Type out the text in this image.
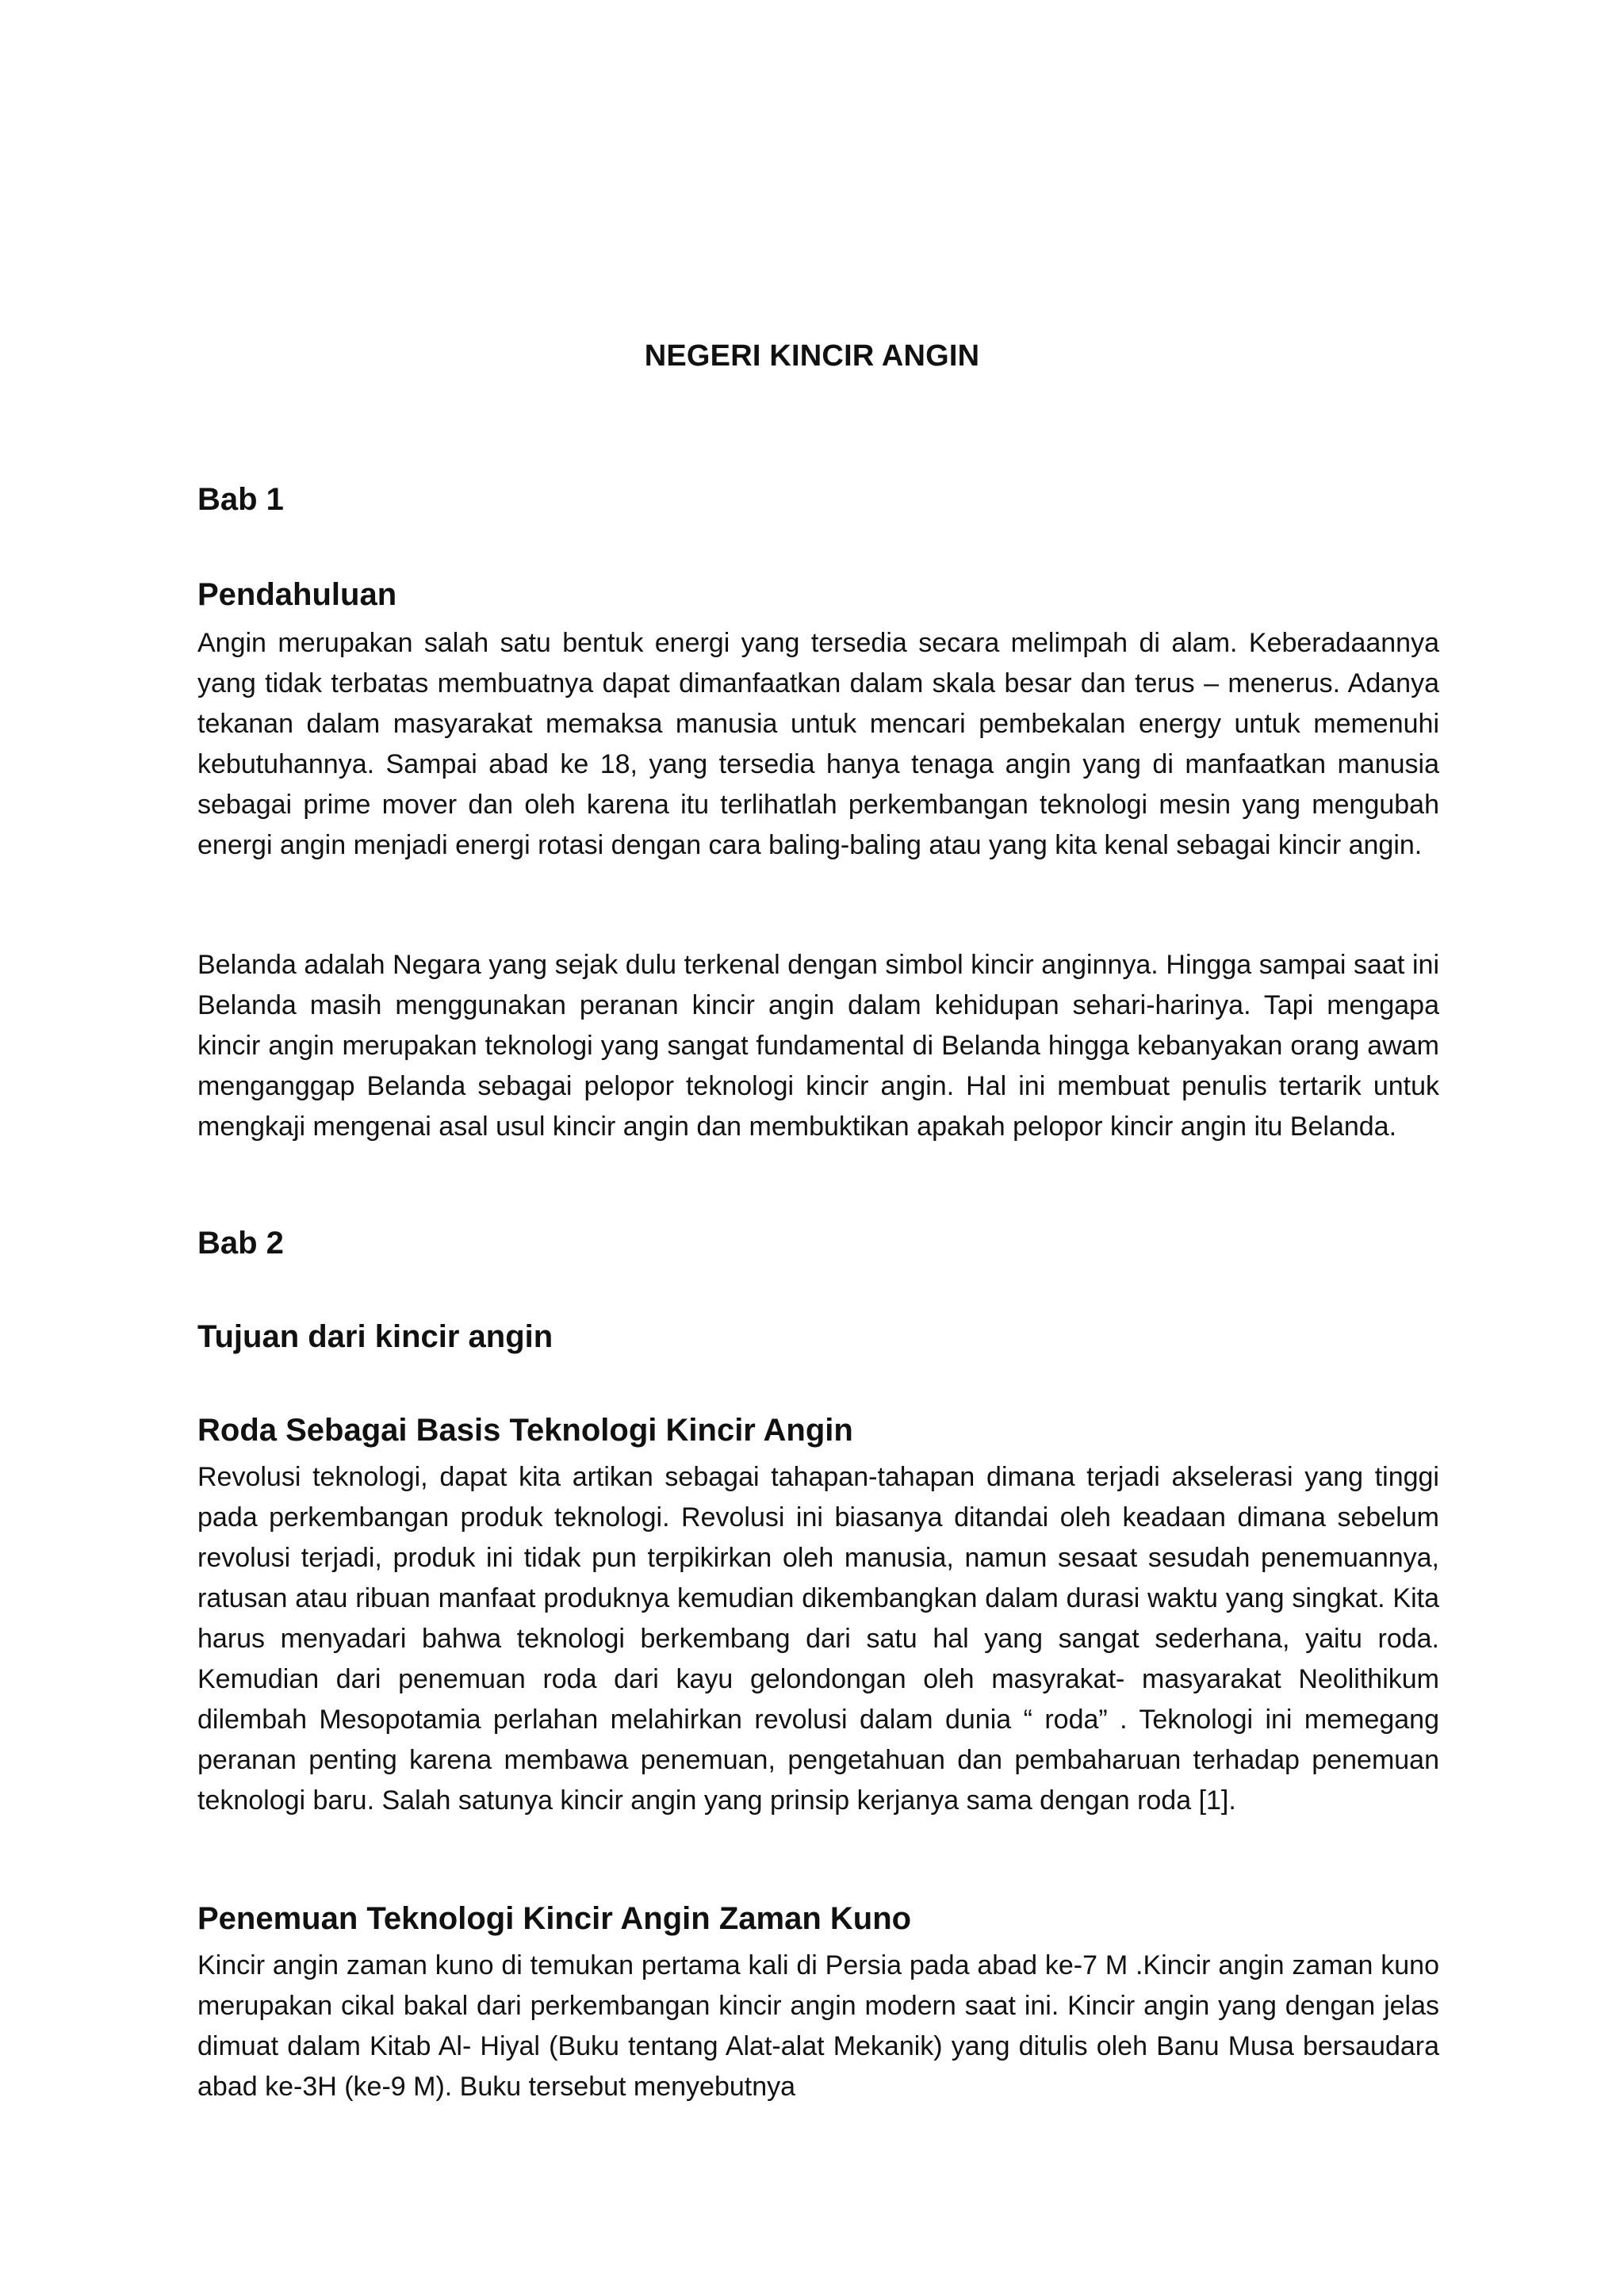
NEGERI KINCIR ANGIN
Bab 1
Pendahuluan

Angin merupakan salah satu bentuk energi yang tersedia secara melimpah di alam. Keberadaannya yang tidak terbatas membuatnya dapat dimanfaatkan dalam skala besar dan terus – menerus. Adanya tekanan dalam masyarakat memaksa manusia untuk mencari pembekalan energy untuk memenuhi kebutuhannya. Sampai abad ke 18, yang tersedia hanya tenaga angin yang di manfaatkan manusia sebagai prime mover dan oleh karena itu terlihatlah perkembangan teknologi mesin yang mengubah energi angin menjadi energi rotasi dengan cara baling-baling atau yang kita kenal sebagai kincir angin.

Belanda adalah Negara yang sejak dulu terkenal dengan simbol kincir anginnya. Hingga sampai saat ini Belanda masih menggunakan peranan kincir angin dalam kehidupan sehari-harinya. Tapi mengapa kincir angin merupakan teknologi yang sangat fundamental di Belanda hingga kebanyakan orang awam menganggap Belanda sebagai pelopor teknologi kincir angin. Hal ini membuat penulis tertarik untuk mengkaji mengenai asal usul kincir angin dan membuktikan apakah pelopor kincir angin itu Belanda.

Bab 2
Tujuan dari kincir angin
Roda Sebagai Basis Teknologi Kincir Angin

Revolusi teknologi, dapat kita artikan sebagai tahapan-tahapan dimana terjadi akselerasi yang tinggi pada perkembangan produk teknologi. Revolusi ini biasanya ditandai oleh keadaan dimana sebelum revolusi terjadi, produk ini tidak pun terpikirkan oleh manusia, namun sesaat sesudah penemuannya, ratusan atau ribuan manfaat produknya kemudian dikembangkan dalam durasi waktu yang singkat. Kita harus menyadari bahwa teknologi berkembang dari satu hal yang sangat sederhana, yaitu roda. Kemudian dari penemuan roda dari kayu gelondongan oleh masyrakat- masyarakat Neolithikum dilembah Mesopotamia perlahan melahirkan revolusi dalam dunia “ roda” . Teknologi ini memegang peranan penting karena membawa penemuan, pengetahuan dan pembaharuan terhadap penemuan teknologi baru. Salah satunya kincir angin yang prinsip kerjanya sama dengan roda [1].

Penemuan Teknologi Kincir Angin Zaman Kuno

Kincir angin zaman kuno di temukan pertama kali di Persia pada abad ke-7 M .Kincir angin zaman kuno merupakan cikal bakal dari perkembangan kincir angin modern saat ini. Kincir angin yang dengan jelas dimuat dalam Kitab Al- Hiyal (Buku tentang Alat-alat Mekanik) yang ditulis oleh Banu Musa bersaudara abad ke-3H (ke-9 M). Buku tersebut menyebutnya
